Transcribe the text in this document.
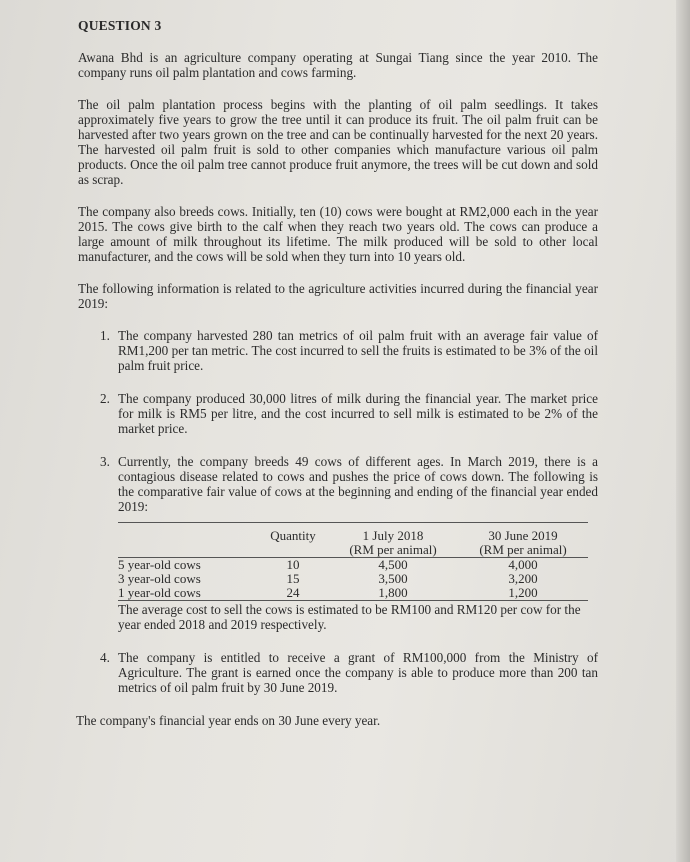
QUESTION 3

Awana Bhd is an agriculture company operating at Sungai Tiang since the year 2010. The company runs oil palm plantation and cows farming.

The oil palm plantation process begins with the planting of oil palm seedlings. It takes approximately five years to grow the tree until it can produce its fruit. The oil palm fruit can be harvested after two years grown on the tree and can be continually harvested for the next 20 years. The harvested oil palm fruit is sold to other companies which manufacture various oil palm products. Once the oil palm tree cannot produce fruit anymore, the trees will be cut down and sold as scrap.

The company also breeds cows. Initially, ten (10) cows were bought at RM2,000 each in the year 2015. The cows give birth to the calf when they reach two years old. The cows can produce a large amount of milk throughout its lifetime. The milk produced will be sold to other local manufacturer, and the cows will be sold when they turn into 10 years old.

The following information is related to the agriculture activities incurred during the financial year 2019:

1. The company harvested 280 tan metrics of oil palm fruit with an average fair value of RM1,200 per tan metric. The cost incurred to sell the fruits is estimated to be 3% of the oil palm fruit price.
2. The company produced 30,000 litres of milk during the financial year. The market price for milk is RM5 per litre, and the cost incurred to sell milk is estimated to be 2% of the market price.
3. Currently, the company breeds 49 cows of different ages. In March 2019, there is a contagious disease related to cows and pushes the price of cows down. The following is the comparative fair value of cows at the beginning and ending of the financial year ended 2019:
Quantity	1 July 2018	30 June 2019
(RM per animal)	(RM per animal)
5 year-old cows	10	4,500	4,000
3 year-old cows	15	3,500	3,200
1 year-old cows	24	1,800	1,200
The average cost to sell the cows is estimated to be RM100 and RM120 per cow for the year ended 2018 and 2019 respectively.
4. The company is entitled to receive a grant of RM100,000 from the Ministry of Agriculture. The grant is earned once the company is able to produce more than 200 tan metrics of oil palm fruit by 30 June 2019.
The company's financial year ends on 30 June every year.
